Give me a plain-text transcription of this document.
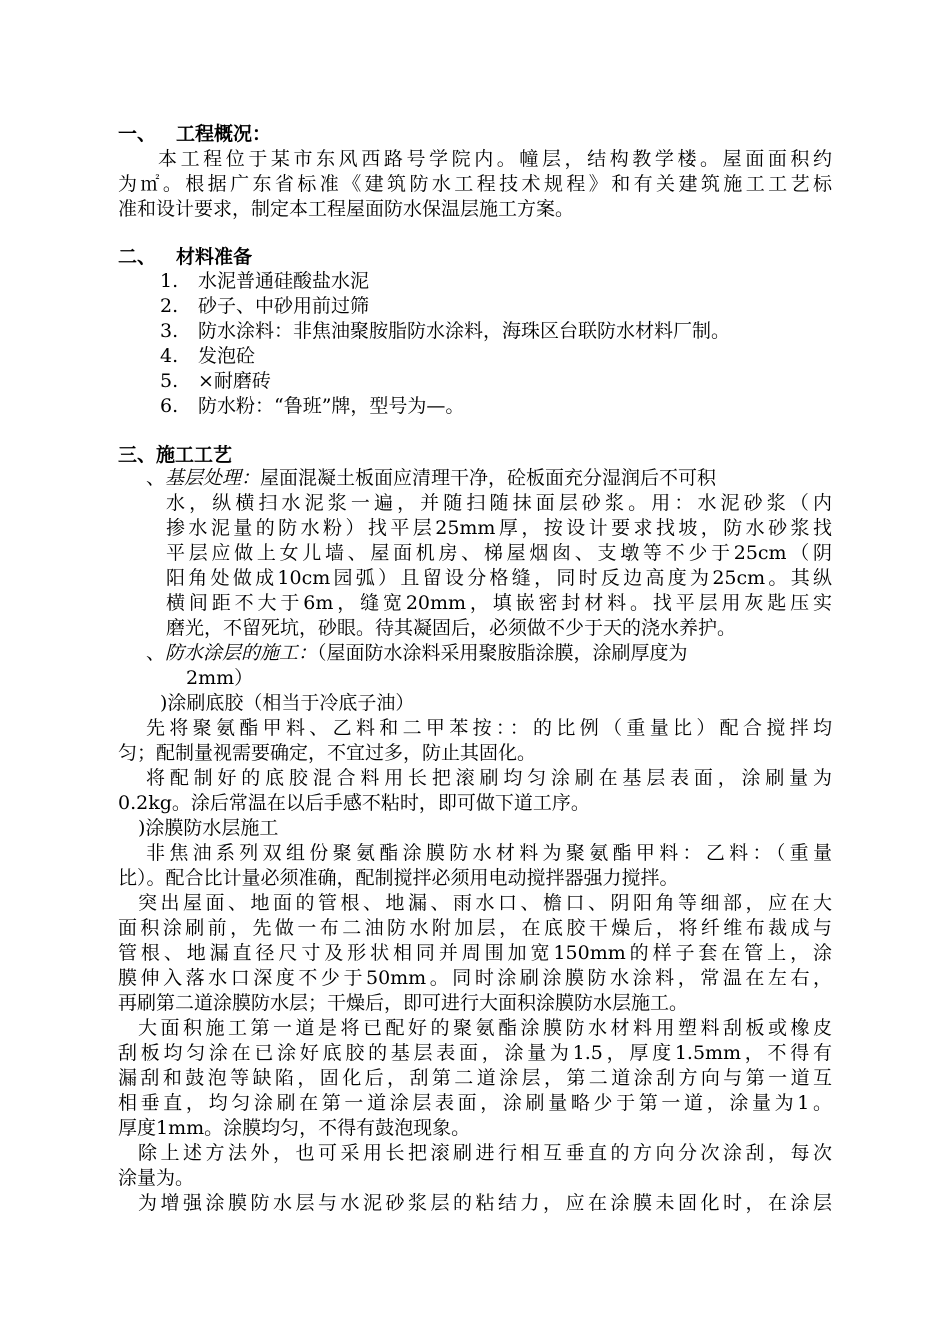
一、 工程概况：
本工程位于某市东风西路号学院内。幢层，结构教学楼。屋面面积约
为㎡。根据广东省标准《建筑防水工程技术规程》和有关建筑施工工艺标
准和设计要求，制定本工程屋面防水保温层施工方案。
二、 材料准备
1. 水泥普通硅酸盐水泥
2. 砂子、中砂用前过筛
3. 防水涂料：非焦油聚胺脂防水涂料，海珠区台联防水材料厂制。
4. 发泡砼
5. ×耐磨砖
6. 防水粉：“鲁班”牌，型号为—。
三、施工工艺
、基层处理：屋面混凝土板面应清理干净，砼板面充分湿润后不可积
水，纵横扫水泥浆一遍，并随扫随抹面层砂浆。用：水泥砂浆（内
掺水泥量的防水粉）找平层25mm厚，按设计要求找坡，防水砂浆找
平层应做上女儿墙、屋面机房、梯屋烟囱、支墩等不少于25cm（阴
阳角处做成10cm园弧）且留设分格缝，同时反边高度为25cm。其纵
横间距不大于6m，缝宽20mm，填嵌密封材料。找平层用灰匙压实
磨光，不留死坑，砂眼。待其凝固后，必须做不少于天的浇水养护。
、防水涂层的施工：（屋面防水涂料采用聚胺脂涂膜，涂刷厚度为
2mm）
)涂刷底胶（相当于冷底子油）
先将聚氨酯甲料、乙料和二甲苯按：：的比例（重量比）配合搅拌均
匀；配制量视需要确定，不宜过多，防止其固化。
将配制好的底胶混合料用长把滚刷均匀涂刷在基层表面，涂刷量为
0.2kg。涂后常温在以后手感不粘时，即可做下道工序。
)涂膜防水层施工
非焦油系列双组份聚氨酯涂膜防水材料为聚氨酯甲料：乙料：（重量
比）。配合比计量必须准确，配制搅拌必须用电动搅拌器强力搅拌。
突出屋面、地面的管根、地漏、雨水口、檐口、阴阳角等细部，应在大
面积涂刷前，先做一布二油防水附加层，在底胶干燥后，将纤维布裁成与
管根、地漏直径尺寸及形状相同并周围加宽150mm的样子套在管上，涂
膜伸入落水口深度不少于50mm。同时涂刷涂膜防水涂料，常温在左右，
再刷第二道涂膜防水层；干燥后，即可进行大面积涂膜防水层施工。
大面积施工第一道是将已配好的聚氨酯涂膜防水材料用塑料刮板或橡皮
刮板均匀涂在已涂好底胶的基层表面，涂量为1.5，厚度1.5mm，不得有
漏刮和鼓泡等缺陷，固化后，刮第二道涂层，第二道涂刮方向与第一道互
相垂直，均匀涂刷在第一道涂层表面，涂刷量略少于第一道，涂量为1。
厚度1mm。涂膜均匀，不得有鼓泡现象。
除上述方法外，也可采用长把滚刷进行相互垂直的方向分次涂刮，每次
涂量为。
为增强涂膜防水层与水泥砂浆层的粘结力，应在涂膜未固化时，在涂层
